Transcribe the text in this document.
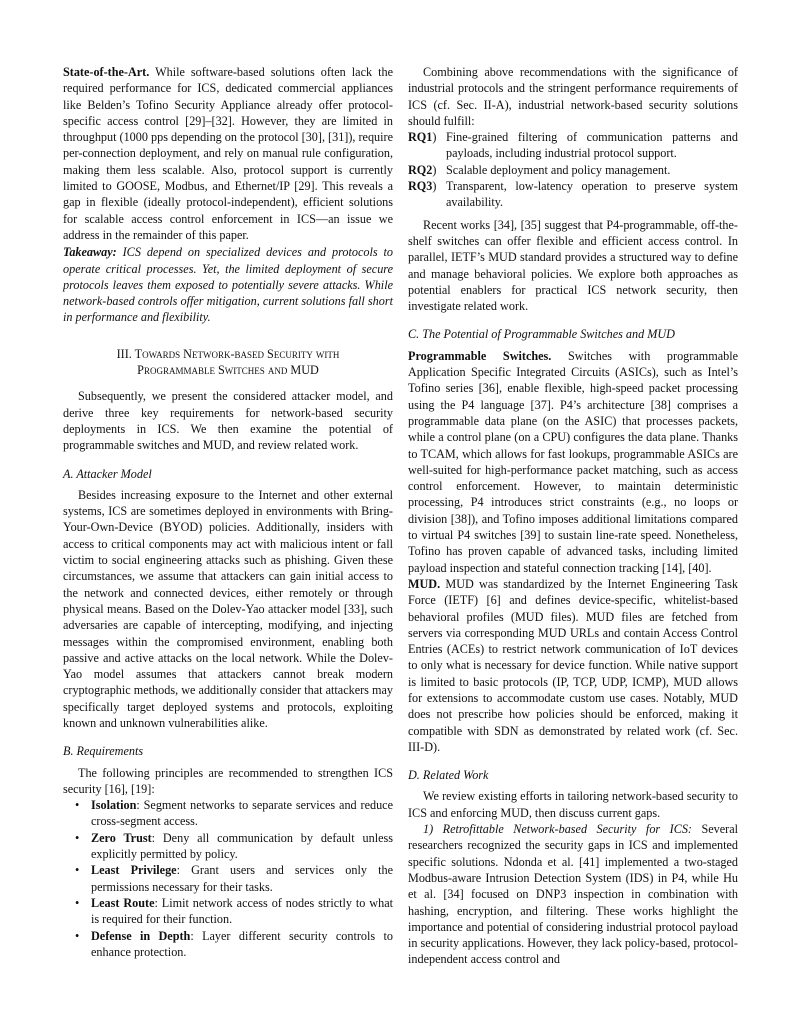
State-of-the-Art. While software-based solutions often lack the required performance for ICS, dedicated commercial appliances like Belden’s Tofino Security Appliance already offer protocol-specific access control [29]–[32]. However, they are limited in throughput (1000 pps depending on the protocol [30], [31]), require per-connection deployment, and rely on manual rule configuration, making them less scalable. Also, protocol support is currently limited to GOOSE, Modbus, and Ethernet/IP [29]. This reveals a gap in flexible (ideally protocol-independent), efficient solutions for scalable access control enforcement in ICS—an issue we address in the remainder of this paper.

Takeaway: ICS depend on specialized devices and protocols to operate critical processes. Yet, the limited deployment of secure protocols leaves them exposed to potentially severe attacks. While network-based controls offer mitigation, current solutions fall short in performance and flexibility.

III. Towards Network-based Security with
Programmable Switches and MUD

Subsequently, we present the considered attacker model, and derive three key requirements for network-based security deployments in ICS. We then examine the potential of programmable switches and MUD, and review related work.

A. Attacker Model

Besides increasing exposure to the Internet and other external systems, ICS are sometimes deployed in environments with Bring-Your-Own-Device (BYOD) policies. Additionally, insiders with access to critical components may act with malicious intent or fall victim to social engineering attacks such as phishing. Given these circumstances, we assume that attackers can gain initial access to the network and connected devices, either remotely or through physical means. Based on the Dolev-Yao attacker model [33], such adversaries are capable of intercepting, modifying, and injecting messages within the compromised environment, enabling both passive and active attacks on the local network. While the Dolev-Yao model assumes that attackers cannot break modern cryptographic methods, we additionally consider that attackers may specifically target deployed systems and protocols, exploiting known and unknown vulnerabilities alike.

B. Requirements

The following principles are recommended to strengthen ICS security [16], [19]:

• Isolation: Segment networks to separate services and reduce cross-segment access.
• Zero Trust: Deny all communication by default unless explicitly permitted by policy.
• Least Privilege: Grant users and services only the permissions necessary for their tasks.
• Least Route: Limit network access of nodes strictly to what is required for their function.
• Defense in Depth: Layer different security controls to enhance protection.

Combining above recommendations with the significance of industrial protocols and the stringent performance requirements of ICS (cf. Sec. II-A), industrial network-based security solutions should fulfill:

RQ1) Fine-grained filtering of communication patterns and payloads, including industrial protocol support.
RQ2) Scalable deployment and policy management.
RQ3) Transparent, low-latency operation to preserve system availability.

Recent works [34], [35] suggest that P4-programmable, off-the-shelf switches can offer flexible and efficient access control. In parallel, IETF’s MUD standard provides a structured way to define and manage behavioral policies. We explore both approaches as potential enablers for practical ICS network security, then investigate related work.

C. The Potential of Programmable Switches and MUD

Programmable Switches. Switches with programmable Application Specific Integrated Circuits (ASICs), such as Intel’s Tofino series [36], enable flexible, high-speed packet processing using the P4 language [37]. P4’s architecture [38] comprises a programmable data plane (on the ASIC) that processes packets, while a control plane (on a CPU) configures the data plane. Thanks to TCAM, which allows for fast lookups, programmable ASICs are well-suited for high-performance packet matching, such as access control enforcement. However, to maintain deterministic processing, P4 introduces strict constraints (e.g., no loops or division [38]), and Tofino imposes additional limitations compared to virtual P4 switches [39] to sustain line-rate speed. Nonetheless, Tofino has proven capable of advanced tasks, including limited payload inspection and stateful connection tracking [14], [40].

MUD. MUD was standardized by the Internet Engineering Task Force (IETF) [6] and defines device-specific, whitelist-based behavioral profiles (MUD files). MUD files are fetched from servers via corresponding MUD URLs and contain Access Control Entries (ACEs) to restrict network communication of IoT devices to only what is necessary for device function. While native support is limited to basic protocols (IP, TCP, UDP, ICMP), MUD allows for extensions to accommodate custom use cases. Notably, MUD does not prescribe how policies should be enforced, making it compatible with SDN as demonstrated by related work (cf. Sec. III-D).

D. Related Work

We review existing efforts in tailoring network-based security to ICS and enforcing MUD, then discuss current gaps.

1) Retrofittable Network-based Security for ICS: Several researchers recognized the security gaps in ICS and implemented specific solutions. Ndonda et al. [41] implemented a two-staged Modbus-aware Intrusion Detection System (IDS) in P4, while Hu et al. [34] focused on DNP3 inspection in combination with hashing, encryption, and filtering. These works highlight the importance and potential of considering industrial protocol payload in security applications. However, they lack policy-based, protocol-independent access control and
